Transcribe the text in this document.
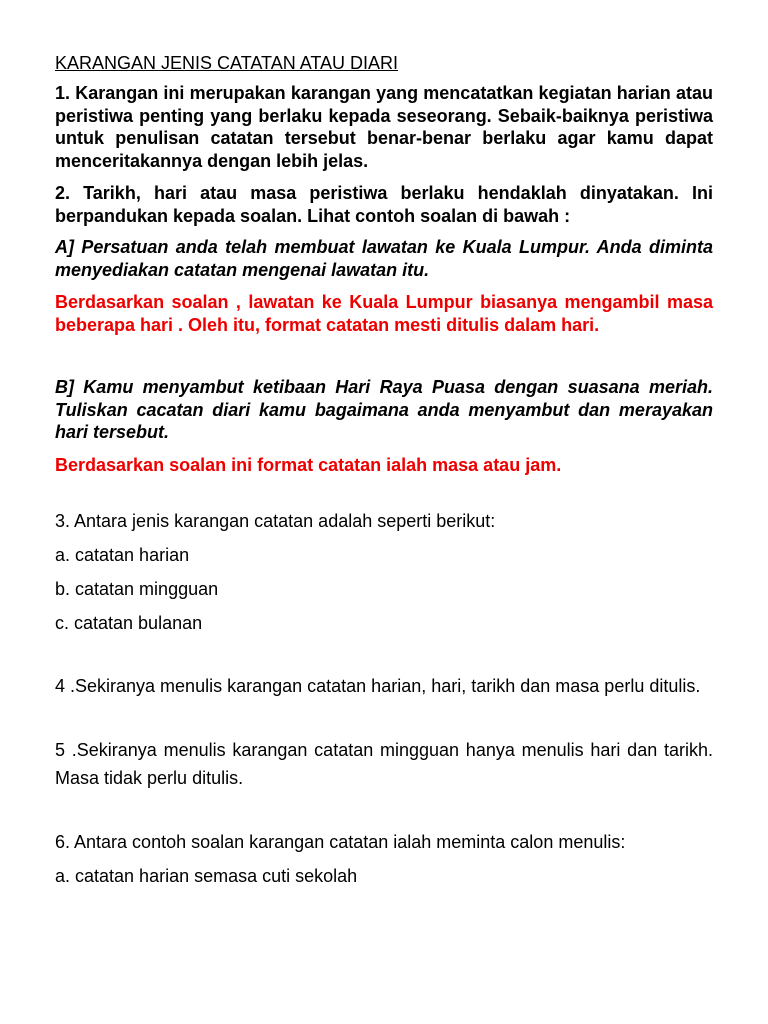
KARANGAN JENIS CATATAN ATAU DIARI

1. Karangan ini merupakan karangan yang mencatatkan kegiatan harian atau peristiwa penting yang berlaku kepada seseorang. Sebaik-baiknya peristiwa untuk penulisan catatan tersebut benar-benar berlaku agar kamu dapat menceritakannya dengan lebih jelas.

2. Tarikh, hari atau masa peristiwa berlaku hendaklah dinyatakan. Ini berpandukan kepada soalan. Lihat contoh soalan di bawah :

A] Persatuan anda telah membuat lawatan ke Kuala Lumpur. Anda diminta menyediakan catatan mengenai lawatan itu.

Berdasarkan soalan , lawatan ke Kuala Lumpur biasanya mengambil masa beberapa hari . Oleh itu, format catatan mesti ditulis dalam hari.

B] Kamu menyambut ketibaan Hari Raya Puasa dengan suasana meriah. Tuliskan cacatan diari kamu bagaimana anda menyambut dan merayakan hari tersebut.

Berdasarkan soalan ini format catatan ialah masa atau jam.

3. Antara jenis karangan catatan adalah seperti berikut:

a. catatan harian

b. catatan mingguan

c. catatan bulanan

4 .Sekiranya menulis karangan catatan harian, hari, tarikh dan masa perlu ditulis.

5 .Sekiranya menulis karangan catatan mingguan hanya menulis hari dan tarikh. Masa tidak perlu ditulis.

6. Antara contoh soalan karangan catatan ialah meminta calon menulis:

a. catatan harian semasa cuti sekolah
